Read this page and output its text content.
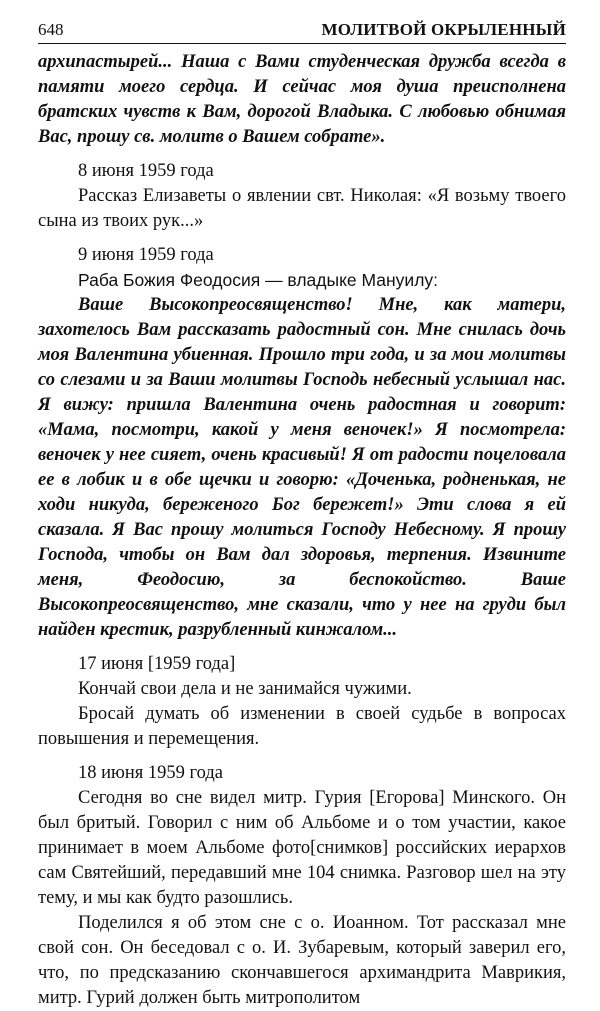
648	МОЛИТВОЙ ОКРЫЛЕННЫЙ

архипастырей... Наша с Вами студенческая дружба всегда в памяти моего сердца. И сейчас моя душа преисполнена братских чувств к Вам, дорогой Владыка. С любовью обнимая Вас, прошу св. молитв о Вашем собрате».

8 июня 1959 года

Рассказ Елизаветы о явлении свт. Николая: «Я возьму твоего сына из твоих рук...»

9 июня 1959 года

Раба Божия Феодосия — владыке Мануилу:

Ваше Высокопреосвященство! Мне, как матери, захотелось Вам рассказать радостный сон. Мне снилась дочь моя Валентина убиенная. Прошло три года, и за мои молитвы со слезами и за Ваши молитвы Господь небесный услышал нас. Я вижу: пришла Валентина очень радостная и говорит: «Мама, посмотри, какой у меня веночек!» Я посмотрела: веночек у нее сияет, очень красивый! Я от радости поцеловала ее в лобик и в обе щечки и говорю: «Доченька, родненькая, не ходи никуда, береженого Бог бережет!» Эти слова я ей сказала. Я Вас прошу молиться Господу Небесному. Я прошу Господа, чтобы он Вам дал здоровья, терпения. Извините меня, Феодосию, за беспокойство. Ваше Высокопреосвященство, мне сказали, что у нее на груди был найден крестик, разрубленный кинжалом...

17 июня [1959 года]

Кончай свои дела и не занимайся чужими.

Бросай думать об изменении в своей судьбе в вопросах повышения и перемещения.

18 июня 1959 года

Сегодня во сне видел митр. Гурия [Егорова] Минского. Он был бритый. Говорил с ним об Альбоме и о том участии, какое принимает в моем Альбоме фото[снимков] российских иерархов сам Святейший, передавший мне 104 снимка. Разговор шел на эту тему, и мы как будто разошлись.

Поделился я об этом сне с о. Иоанном. Тот рассказал мне свой сон. Он беседовал с о. И. Зубаревым, который заверил его, что, по предсказанию скончавшегося архимандрита Маврикия, митр. Гурий должен быть митрополитом
